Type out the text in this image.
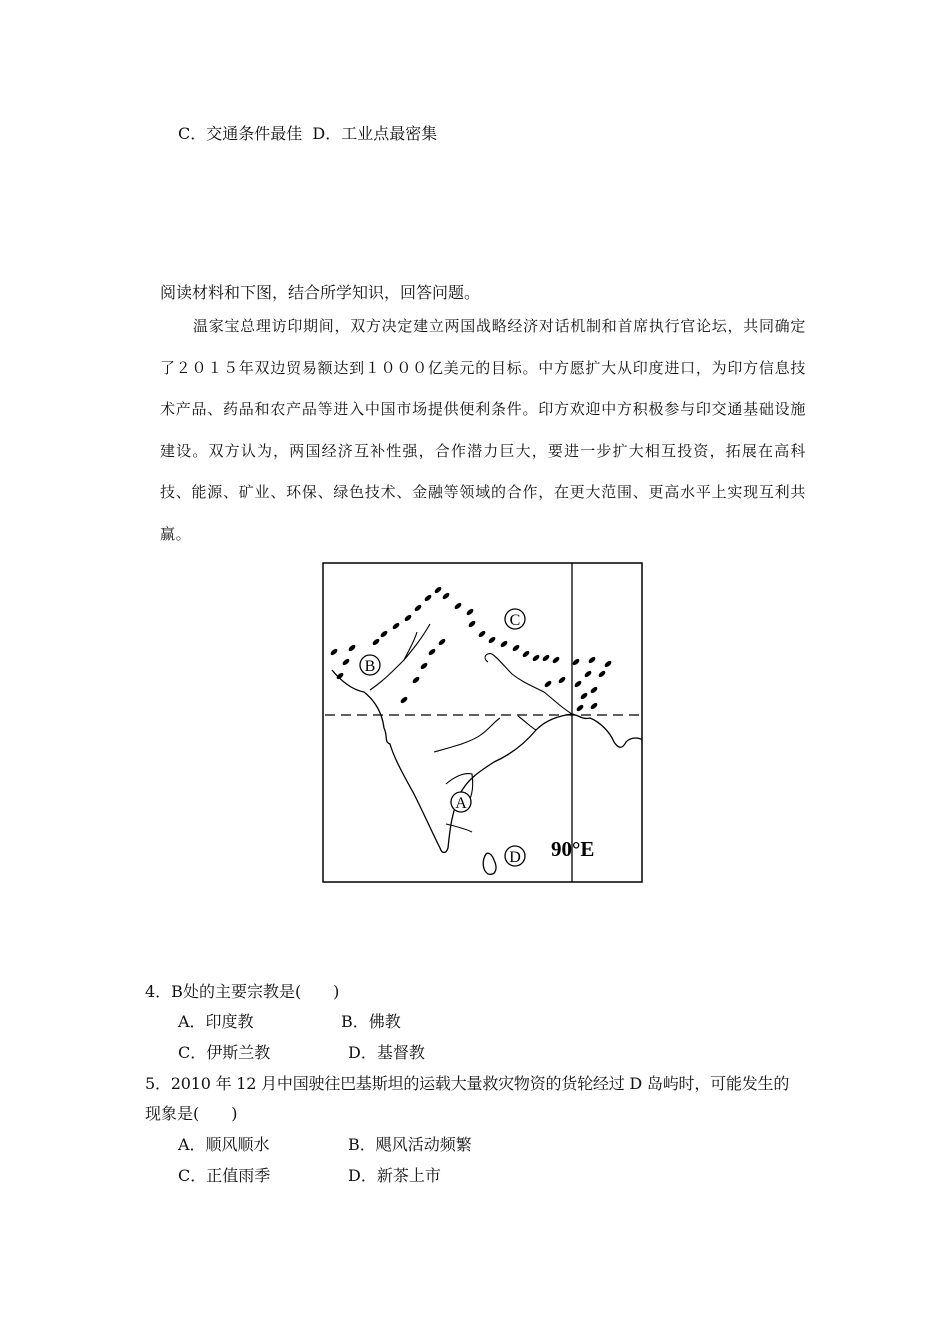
C．交通条件最佳 D．工业点最密集
阅读材料和下图，结合所学知识，回答问题。
温家宝总理访印期间，双方决定建立两国战略经济对话机制和首席执行官论坛，共同确定了２０１５年双边贸易额达到１０００亿美元的目标。中方愿扩大从印度进口，为印方信息技术产品、药品和农产品等进入中国市场提供便利条件。印方欢迎中方积极参与印交通基础设施建设。双方认为，两国经济互补性强，合作潜力巨大，要进一步扩大相互投资，拓展在高科技、能源、矿业、环保、绿色技术、金融等领域的合作，在更大范围、更高水平上实现互利共赢。
B
C
A
D 90°E
4．B处的主要宗教是(　　)
A．印度教	B．佛教
C．伊斯兰教	D．基督教
5．2010 年 12 月中国驶往巴基斯坦的运载大量救灾物资的货轮经过 D 岛屿时，可能发生的
现象是(　　)
A．顺风顺水	B．飓风活动频繁
C．正值雨季	D．新茶上市
